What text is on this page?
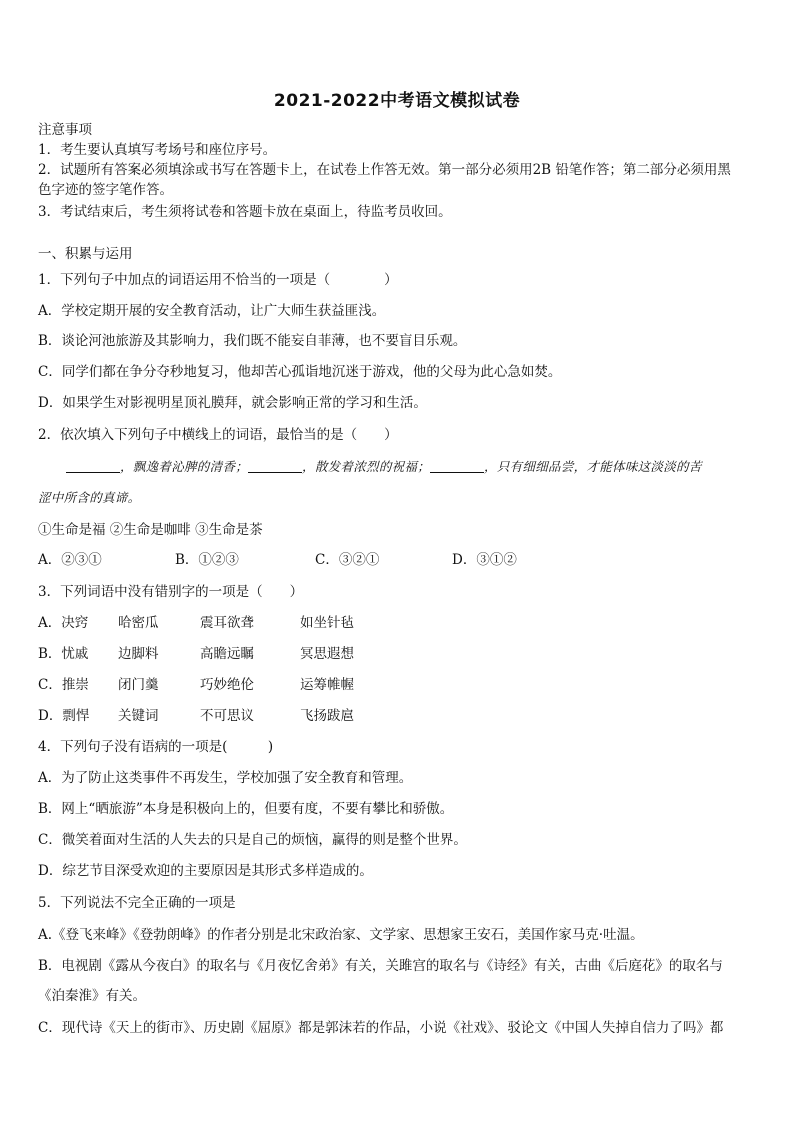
2021-2022中考语文模拟试卷
注意事项
1．考生要认真填写考场号和座位序号。
2．试题所有答案必须填涂或书写在答题卡上，在试卷上作答无效。第一部分必须用2B 铅笔作答；第二部分必须用黑
色字迹的签字笔作答。
3．考试结束后，考生须将试卷和答题卡放在桌面上，待监考员收回。
一、积累与运用
1．下列句子中加点的词语运用不恰当的一项是（　　　　）
A．学校定期开展的安全教育活动，让广大师生获益匪浅。
B．谈论河池旅游及其影响力，我们既不能妄自菲薄，也不要盲目乐观。
C．同学们都在争分夺秒地复习，他却苦心孤诣地沉迷于游戏，他的父母为此心急如焚。
D．如果学生对影视明星顶礼膜拜，就会影响正常的学习和生活。
2．依次填入下列句子中横线上的词语，最恰当的是（　　）
，飘逸着沁脾的清香；	，散发着浓烈的祝福；	，只有细细品尝，才能体味这淡淡的苦
涩中所含的真谛。
①生命是福 ②生命是咖啡 ③生命是茶
A．②③①	B．①②③	C．③②①	D．③①②
3．下列词语中没有错别字的一项是（　　）
A．决窍 哈密瓜	震耳欲聋	如坐针毡
B．忧戚 边脚料	高瞻远瞩	冥思遐想
C．推崇 闭门羹	巧妙绝伦	运筹帷幄
D．剽悍 关键词	不可思议	飞扬跋扈
4．下列句子没有语病的一项是(　　　)
A．为了防止这类事件不再发生，学校加强了安全教育和管理。
B．网上“晒旅游”本身是积极向上的，但要有度，不要有攀比和骄傲。
C．微笑着面对生活的人失去的只是自己的烦恼，赢得的则是整个世界。
D．综艺节目深受欢迎的主要原因是其形式多样造成的。
5．下列说法不完全正确的一项是
A.《登飞来峰》《登勃朗峰》的作者分别是北宋政治家、文学家、思想家王安石，美国作家马克·吐温。
B．电视剧《露从今夜白》的取名与《月夜忆舍弟》有关，关雎宫的取名与《诗经》有关，古曲《后庭花》的取名与
《泊秦淮》有关。
C．现代诗《天上的街市》、历史剧《屈原》都是郭沫若的作品，小说《社戏》、驳论文《中国人失掉自信力了吗》都
